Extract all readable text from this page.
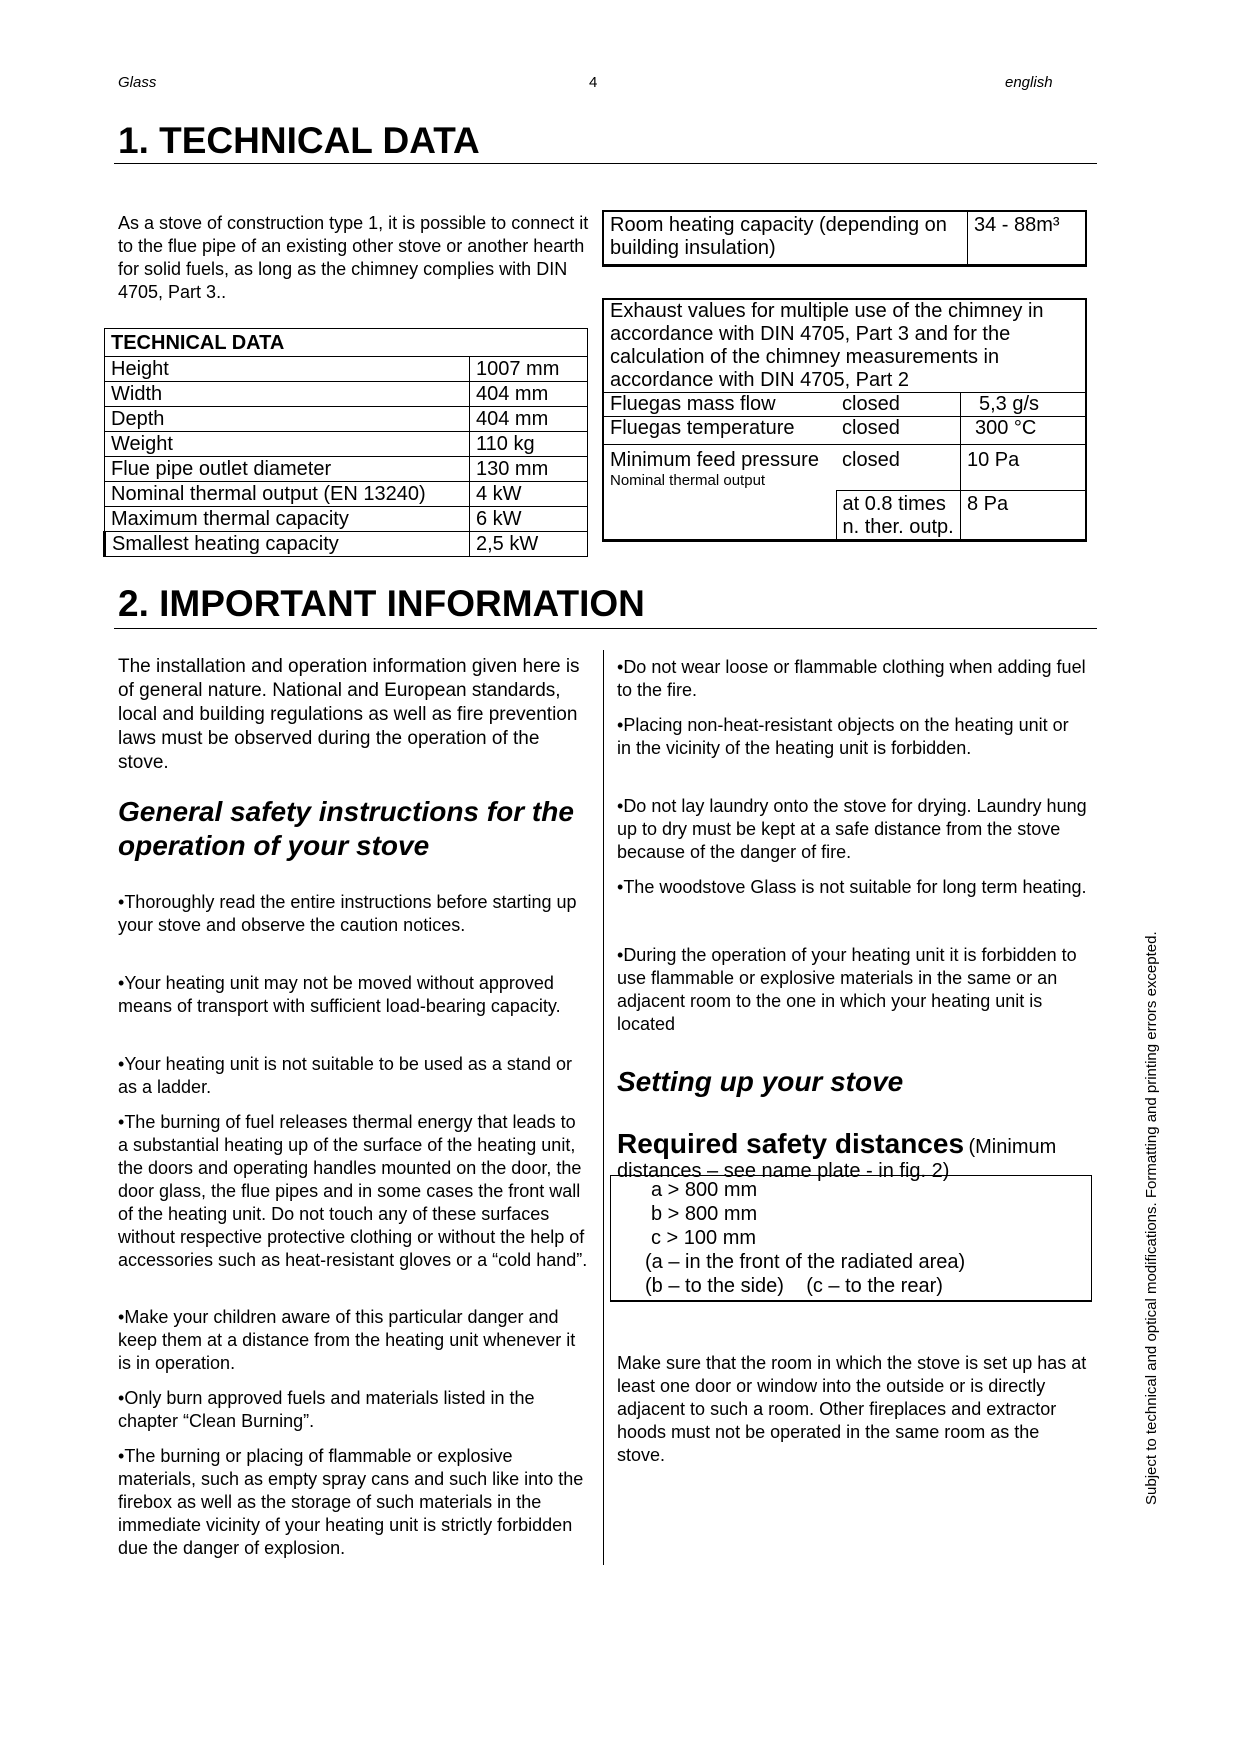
Glass	4	english
1. TECHNICAL DATA
As a stove of construction type 1, it is possible to connect it to the flue pipe of an existing other stove or another hearth for solid fuels, as long as the chimney complies with DIN 4705, Part 3..
TECHNICAL DATA	
Height	1007 mm
Width	404 mm
Depth	404 mm
Weight	110 kg
Flue pipe outlet diameter	130 mm
Nominal thermal output (EN 13240)	4 kW
Maximum thermal capacity	6 kW
Smallest heating capacity	2,5 kW
Room heating capacity (depending on building insulation)	34 - 88m³
Exhaust values for multiple use of the chimney in accordance with DIN 4705, Part 3 and for the calculation of the chimney measurements in accordance with DIN 4705, Part 2		
Fluegas mass flow	closed	5,3 g/s
Fluegas temperature	closed	300 °C
Minimum feed pressure
Nominal thermal output	closed	10 Pa
	at 0.8 times n. ther. outp.	8 Pa
2. IMPORTANT INFORMATION
The installation and operation information given here is of general nature. National and European standards, local and building regulations as well as fire prevention laws must be observed during the operation of the stove.
General safety instructions for the operation of your stove
•Thoroughly read the entire instructions before starting up your stove and observe the caution notices.
•Your heating unit may not be moved without approved means of transport with sufficient load-bearing capacity.
•Your heating unit is not suitable to be used as a stand or as a ladder.
•The burning of fuel releases thermal energy that leads to a substantial heating up of the surface of the heating unit, the doors and operating handles mounted on the door, the door glass, the flue pipes and in some cases the front wall of the heating unit. Do not touch any of these surfaces without respective protective clothing or without the help of accessories such as heat-resistant gloves or a “cold hand”.
•Make your children aware of this particular danger and keep them at a distance from the heating unit whenever it is in operation.
•Only burn approved fuels and materials listed in the chapter “Clean Burning”.
•The burning or placing of flammable or explosive materials, such as empty spray cans and such like into the firebox as well as the storage of such materials in the immediate vicinity of your heating unit is strictly forbidden due the danger of explosion.
•Do not wear loose or flammable clothing when adding fuel to the fire.
•Placing non-heat-resistant objects on the heating unit or in the vicinity of the heating unit is forbidden.
•Do not lay laundry onto the stove for drying. Laundry hung up to dry must be kept at a safe distance from the stove because of the danger of fire.
•The woodstove Glass is not suitable for long term heating.
•During the operation of your heating unit it is forbidden to use flammable or explosive materials in the same or an adjacent room to the one in which your heating unit is located
Setting up your stove
Required safety distances (Minimum
distances – see name plate - in fig. 2)
a > 800 mm
b > 800 mm
c > 100 mm
(a – in the front of the radiated area)
(b – to the side)    (c – to the rear)
Make sure that the room in which the stove is set up has at least one door or window into the outside or is directly adjacent to such a room. Other fireplaces and extractor hoods must not be operated in the same room as the stove.	Subject to technical and optical modifications. Formatting and printing errors excepted.
